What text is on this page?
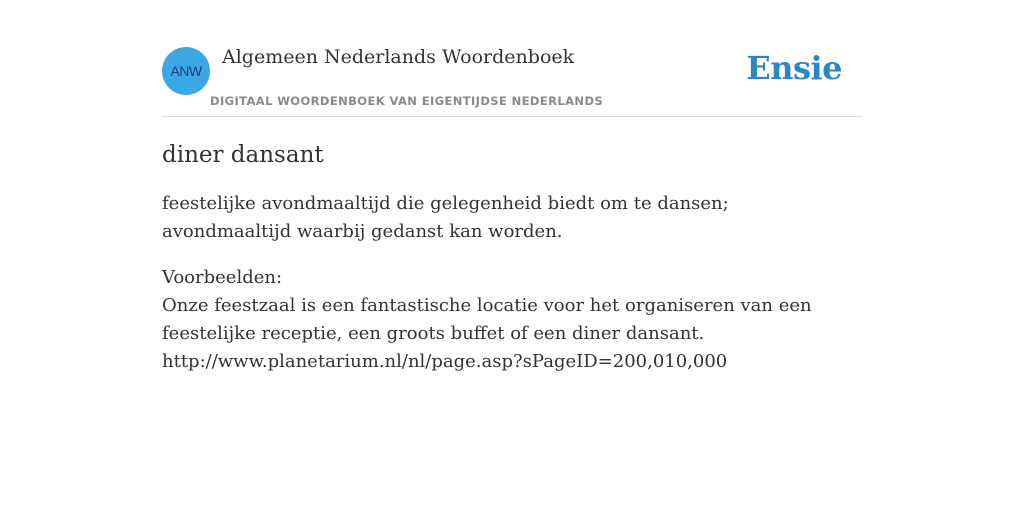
ANW
Algemeen Nederlands Woordenboek
DIGITAAL WOORDENBOEK VAN EIGENTIJDSE NEDERLANDS
Ensie
diner dansant

feestelijke avondmaaltijd die gelegenheid biedt om te dansen; avondmaaltijd waarbij gedanst kan worden.

Voorbeelden:
Onze feestzaal is een fantastische locatie voor het organiseren van een feestelijke receptie, een groots buffet of een diner dansant.
http://www.planetarium.nl/nl/page.asp?sPageID=200,010,000
